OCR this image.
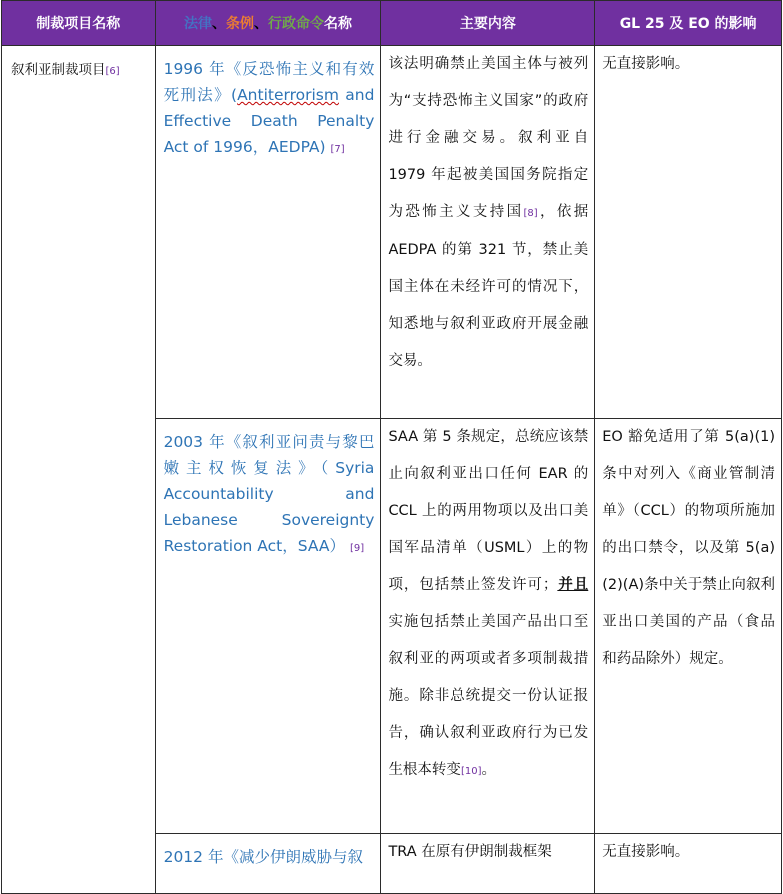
制裁项目名称	法律、条例、行政命令名称	主要内容	GL 25 及 EO 的影响

叙利亚制裁项目[6]	1996 年《反恐怖主义和有效死刑法》(Antiterrorism and Effective Death Penalty Act of 1996，AEDPA) [7]	该法明确禁止美国主体与被列为“支持恐怖主义国家”的政府进行金融交易。叙利亚自 1979 年起被美国国务院指定为恐怖主义支持国[8]，依据 AEDPA 的第 321 节，禁止美国主体在未经许可的情况下，知悉地与叙利亚政府开展金融交易。	无直接影响。

	2003 年《叙利亚问责与黎巴嫩主权恢复法》（Syria Accountability and Lebanese Sovereignty Restoration Act，SAA） [9]	SAA 第 5 条规定，总统应该禁止向叙利亚出口任何 EAR 的 CCL 上的两用物项以及出口美国军品清单（USML）上的物项，包括禁止签发许可；并且实施包括禁止美国产品出口至叙利亚的两项或者多项制裁措施。除非总统提交一份认证报告，确认叙利亚政府行为已发生根本转变[10]。	EO 豁免适用了第 5(a)(1)条中对列入《商业管制清单》（CCL）的物项所施加的出口禁令，以及第 5(a)(2)(A)条中关于禁止向叙利亚出口美国的产品（食品和药品除外）规定。

	2012 年《减少伊朗威胁与叙	TRA 在原有伊朗制裁框架	无直接影响。
